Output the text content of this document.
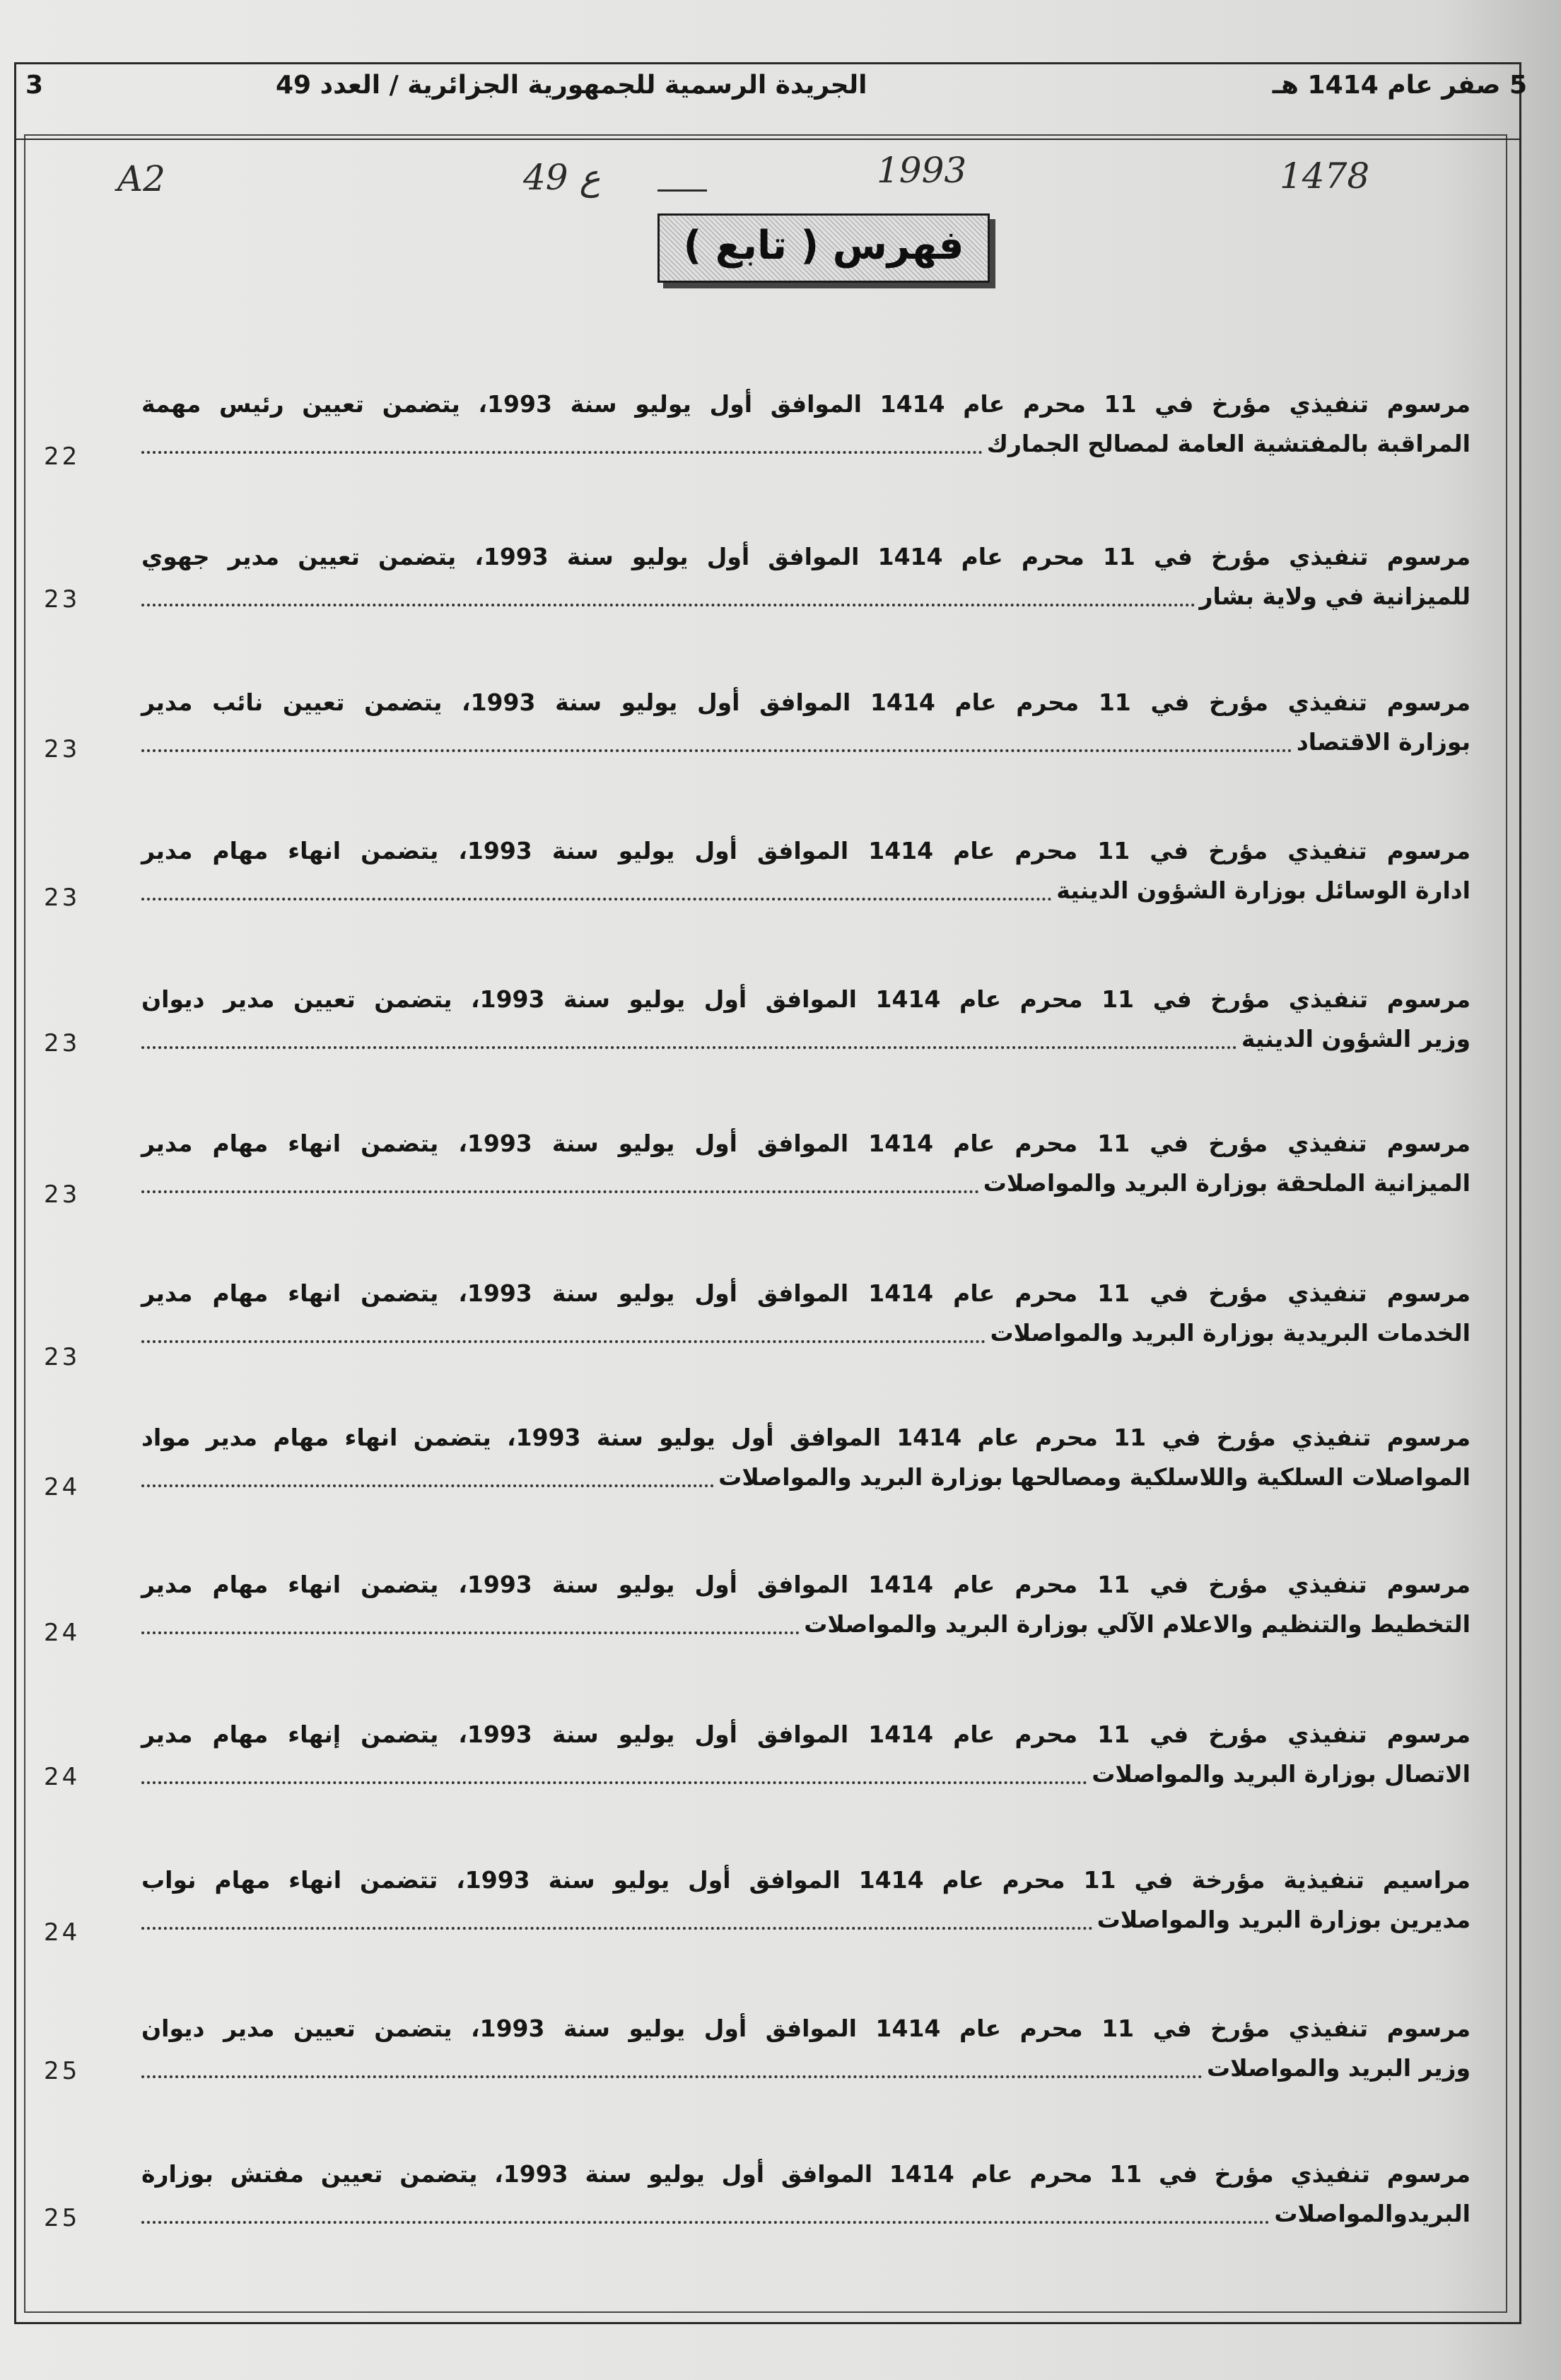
5 صفر عام 1414 هـ
الجريدة الرسمية للجمهورية الجزائرية / العدد 49
3
A2	ع 49	1993	1478
فهرس ( تابع )
مرسوم تنفيذي مؤرخ في 11 محرم عام 1414 الموافق أول يوليو سنة 1993، يتضمن تعيين رئيس مهمة
المراقبة بالمفتشية العامة لمصالح الجمارك
22
مرسوم تنفيذي مؤرخ في 11 محرم عام 1414 الموافق أول يوليو سنة 1993، يتضمن تعيين مدير جهوي
للميزانية في ولاية بشار
23
مرسوم تنفيذي مؤرخ في 11 محرم عام 1414 الموافق أول يوليو سنة 1993، يتضمن تعيين نائب مدير
بوزارة الاقتصاد
23
مرسوم تنفيذي مؤرخ في 11 محرم عام 1414 الموافق أول يوليو سنة 1993، يتضمن انهاء مهام مدير
ادارة الوسائل بوزارة الشؤون الدينية
23
مرسوم تنفيذي مؤرخ في 11 محرم عام 1414 الموافق أول يوليو سنة 1993، يتضمن تعيين مدير ديوان
وزير الشؤون الدينية
23
مرسوم تنفيذي مؤرخ في 11 محرم عام 1414 الموافق أول يوليو سنة 1993، يتضمن انهاء مهام مدير
الميزانية الملحقة بوزارة البريد والمواصلات
23
مرسوم تنفيذي مؤرخ في 11 محرم عام 1414 الموافق أول يوليو سنة 1993، يتضمن انهاء مهام مدير
الخدمات البريدية بوزارة البريد والمواصلات
23
مرسوم تنفيذي مؤرخ في 11 محرم عام 1414 الموافق أول يوليو سنة 1993، يتضمن انهاء مهام مدير مواد
المواصلات السلكية واللاسلكية ومصالحها بوزارة البريد والمواصلات
24
مرسوم تنفيذي مؤرخ في 11 محرم عام 1414 الموافق أول يوليو سنة 1993، يتضمن انهاء مهام مدير
التخطيط والتنظيم والاعلام الآلي بوزارة البريد والمواصلات
24
مرسوم تنفيذي مؤرخ في 11 محرم عام 1414 الموافق أول يوليو سنة 1993، يتضمن إنهاء مهام مدير
الاتصال بوزارة البريد والمواصلات
24
مراسيم تنفيذية مؤرخة في 11 محرم عام 1414 الموافق أول يوليو سنة 1993، تتضمن انهاء مهام نواب
مديرين بوزارة البريد والمواصلات
24
مرسوم تنفيذي مؤرخ في 11 محرم عام 1414 الموافق أول يوليو سنة 1993، يتضمن تعيين مدير ديوان
وزير البريد والمواصلات
25
مرسوم تنفيذي مؤرخ في 11 محرم عام 1414 الموافق أول يوليو سنة 1993، يتضمن تعيين مفتش بوزارة
البريدوالمواصلات
25
